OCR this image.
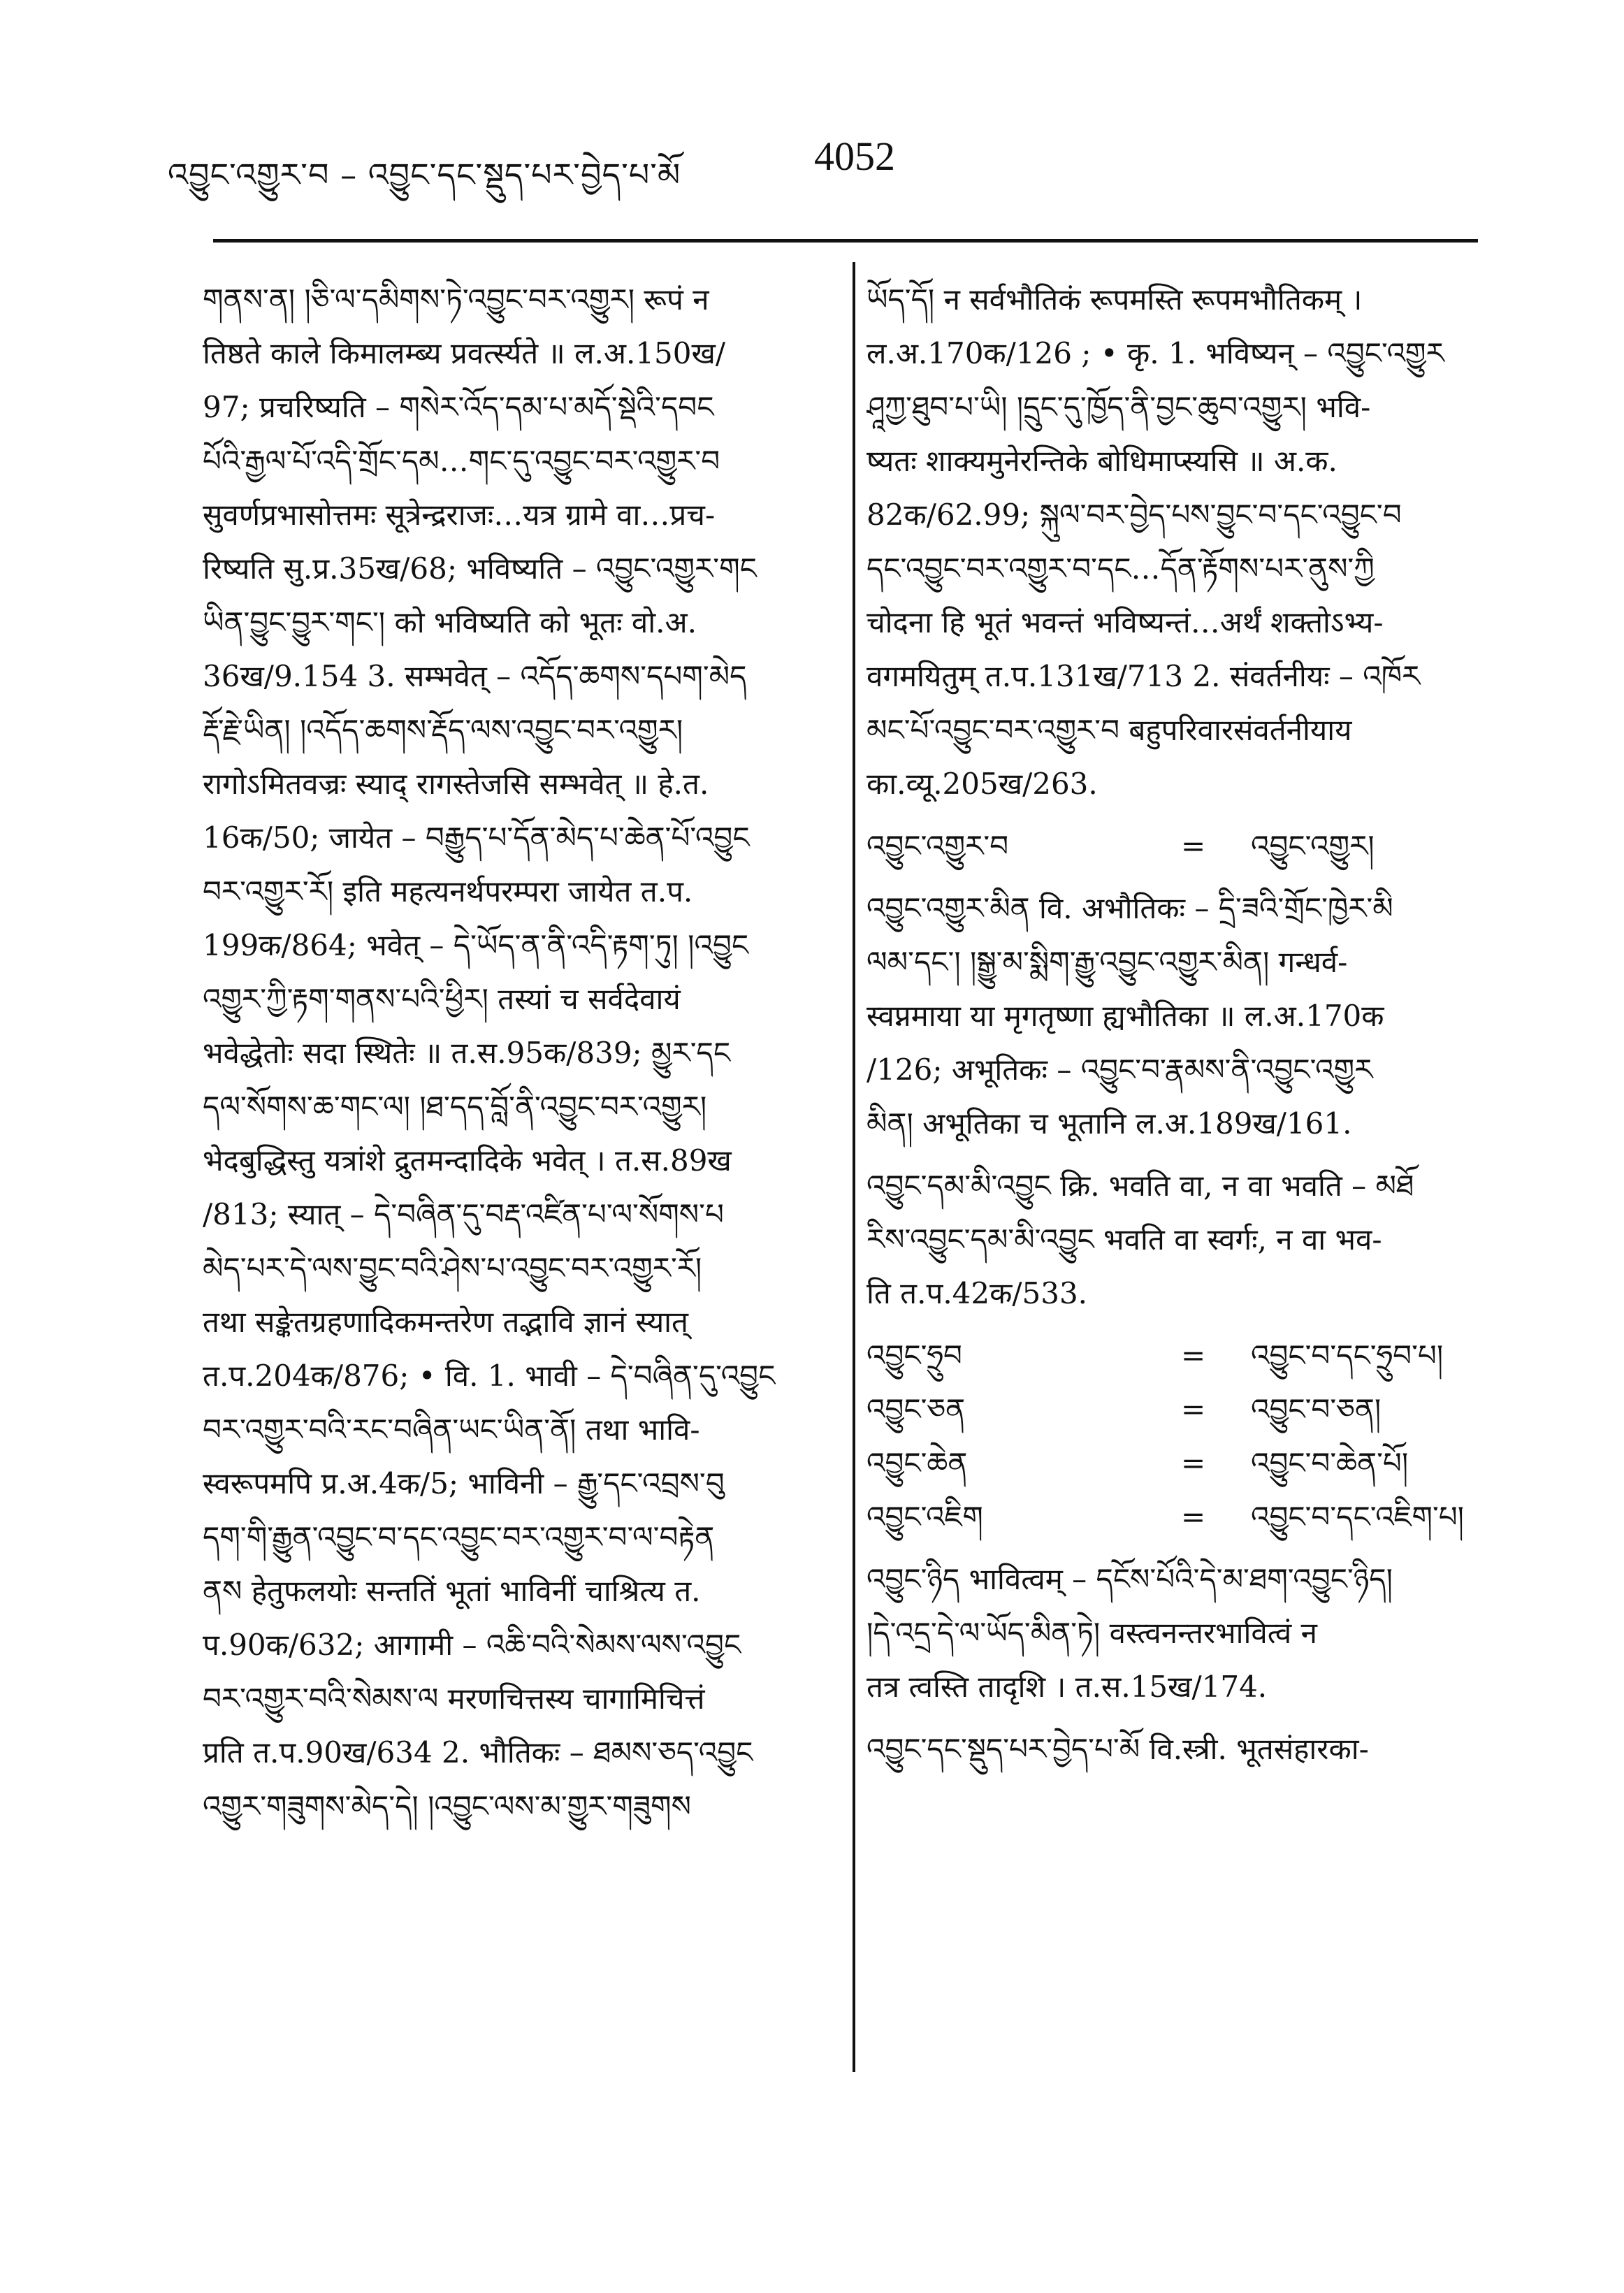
འབྱུང་འགྱུར་བ – འབྱུང་དང་སྡུད་པར་བྱེད་པ་མོ	4052
གནས་ན། །ཅི་ལ་དམིགས་ཏེ་འབྱུང་བར་འགྱུར། रूपं न
तिष्ठते काले किमालम्ब्य प्रवर्त्स्यते ॥ ल.अ.150ख/
97; प्रचरिष्यति – གསེར་འོད་དམ་པ་མདོ་སྡེའི་དབང
པོའི་རྒྱལ་པོ་འདི་གྲོང་དམ…གང་དུ་འབྱུང་བར་འགྱུར་བ
सुवर्णप्रभासोत्तमः सूत्रेन्द्रराजः…यत्र ग्रामे वा…प्रच-
रिष्यति सु.प्र.35ख/68; भविष्यति – འབྱུང་འགྱུར་གང
ཡིན་བྱུང་བྱུར་གང་། को भविष्यति को भूतः वो.अ.
36ख/9.154 3. सम्भवेत् – འདོད་ཆགས་དཔག་མེད
རྡོ་རྗེ་ཡིན། །འདོད་ཆགས་རྡོད་ལས་འབྱུང་བར་འགྱུར།
रागोऽमितवज्रः स्याद् रागस्तेजसि सम्भवेत् ॥ हे.त.
16क/50; जायेत – བརྒྱུད་པ་དོན་མེད་པ་ཆེན་པོ་འབྱུང
བར་འགྱུར་རོ། इति महत्यनर्थपरम्परा जायेत त.प.
199क/864; भवेत् – དེ་ཡོད་ན་ནི་འདི་རྟག་ཏུ། །འབྱུང
འགྱུར་ཀྱི་རྟག་གནས་པའི་ཕྱིར། तस्यां च सर्वदेवायं
भवेद्धेतोः सदा स्थितेः ॥ त.स.95क/839; མྱུར་དང
དལ་སོགས་ཆ་གང་ལ། །ཐ་དད་བློ་ནི་འབྱུང་བར་འགྱུར།
भेदबुद्धिस्तु यत्रांशे द्रुतमन्दादिके भवेत् । त.स.89ख
/813; स्यात् – དེ་བཞིན་དུ་བརྡ་འཛིན་པ་ལ་སོགས་པ
མེད་པར་དེ་ལས་བྱུང་བའི་ཤེས་པ་འབྱུང་བར་འགྱུར་རོ།
तथा सङ्केतग्रहणादिकमन्तरेण तद्भावि ज्ञानं स्यात्
त.प.204क/876; • वि. 1. भावी – དེ་བཞིན་དུ་འབྱུང
བར་འགྱུར་བའི་རང་བཞིན་ཡང་ཡིན་ནོ། तथा भावि-
स्वरूपमपि प्र.अ.4क/5; भाविनी – རྒྱུ་དང་འབྲས་བུ
དག་གི་རྒྱུན་འབྱུང་བ་དང་འབྱུང་བར་འགྱུར་བ་ལ་བརྟེན
ནས हेतुफलयोः सन्ततिं भूतां भाविनीं चाश्रित्य त.
प.90क/632; आगामी – འཆི་བའི་སེམས་ལས་འབྱུང
བར་འགྱུར་བའི་སེམས་ལ मरणचित्तस्य चागामिचित्तं
प्रति त.प.90ख/634 2. भौतिकः – ཐམས་ཅད་འབྱུང
འགྱུར་གཟུགས་མེད་དེ། །འབྱུང་ལས་མ་གྱུར་གཟུགས
ཡོད་དོ། न सर्वभौतिकं रूपमस्ति रूपमभौतिकम् ।
ल.अ.170क/126 ; • कृ. 1. भविष्यन् – འབྱུང་འགྱུར
ཤཱཀྱ་ཐུབ་པ་ཡི། །དྲུང་དུ་ཁྱོད་ནི་བྱང་ཆུབ་འགྱུར། भवि-
ष्यतः शाक्यमुनेरन्तिके बोधिमाप्स्यसि ॥ अ.क.
82क/62.99; སྐུལ་བར་བྱེད་པས་བྱུང་བ་དང་འབྱུང་བ
དང་འབྱུང་བར་འགྱུར་བ་དང…དོན་རྟོགས་པར་ནུས་ཀྱི
चोदना हि भूतं भवन्तं भविष्यन्तं…अर्थं शक्तोऽभ्य-
वगमयितुम् त.प.131ख/713 2. संवर्तनीयः – འཁོར
མང་པོ་འབྱུང་བར་འགྱུར་བ बहुपरिवारसंवर्तनीयाय
का.व्यू.205ख/263.
འབྱུང་འགྱུར་བ	=	འབྱུང་འགྱུར།
འབྱུང་འགྱུར་མིན वि. अभौतिकः – དྲི་ཟའི་གྲོང་ཁྱེར་མི
ལམ་དང་། །སྒྱུ་མ་སྨིག་རྒྱུ་འབྱུང་འགྱུར་མིན། गन्धर्व-
स्वप्नमाया या मृगतृष्णा ह्यभौतिका ॥ ल.अ.170क
/126; अभूतिकः – འབྱུང་བ་རྣམས་ནི་འབྱུང་འགྱུར
མིན། अभूतिका च भूतानि ल.अ.189ख/161.
འབྱུང་དམ་མི་འབྱུང क्रि. भवति वा, न वा भवति – མཐོ
རིས་འབྱུང་དམ་མི་འབྱུང भवति वा स्वर्गः, न वा भव-
ति त.प.42क/533.
འབྱུང་ཧྲུབ	=	འབྱུང་བ་དང་ཧྲུབ་པ།
འབྱུང་ཅན	=	འབྱུང་བ་ཅན།
འབྱུང་ཆེན	=	འབྱུང་བ་ཆེན་པོ།
འབྱུང་འཇིག	=	འབྱུང་བ་དང་འཇིག་པ།
འབྱུང་ཉིད भावित्वम् – དངོས་པོའི་དེ་མ་ཐག་འབྱུང་ཉིད།
།དེ་འདྲ་དེ་ལ་ཡོད་མིན་ཏེ། वस्त्वनन्तरभावित्वं न
तत्र त्वस्ति तादृशि । त.स.15ख/174.
འབྱུང་དང་སྡུད་པར་བྱེད་པ་མོ वि.स्त्री. भूतसंहारका-
